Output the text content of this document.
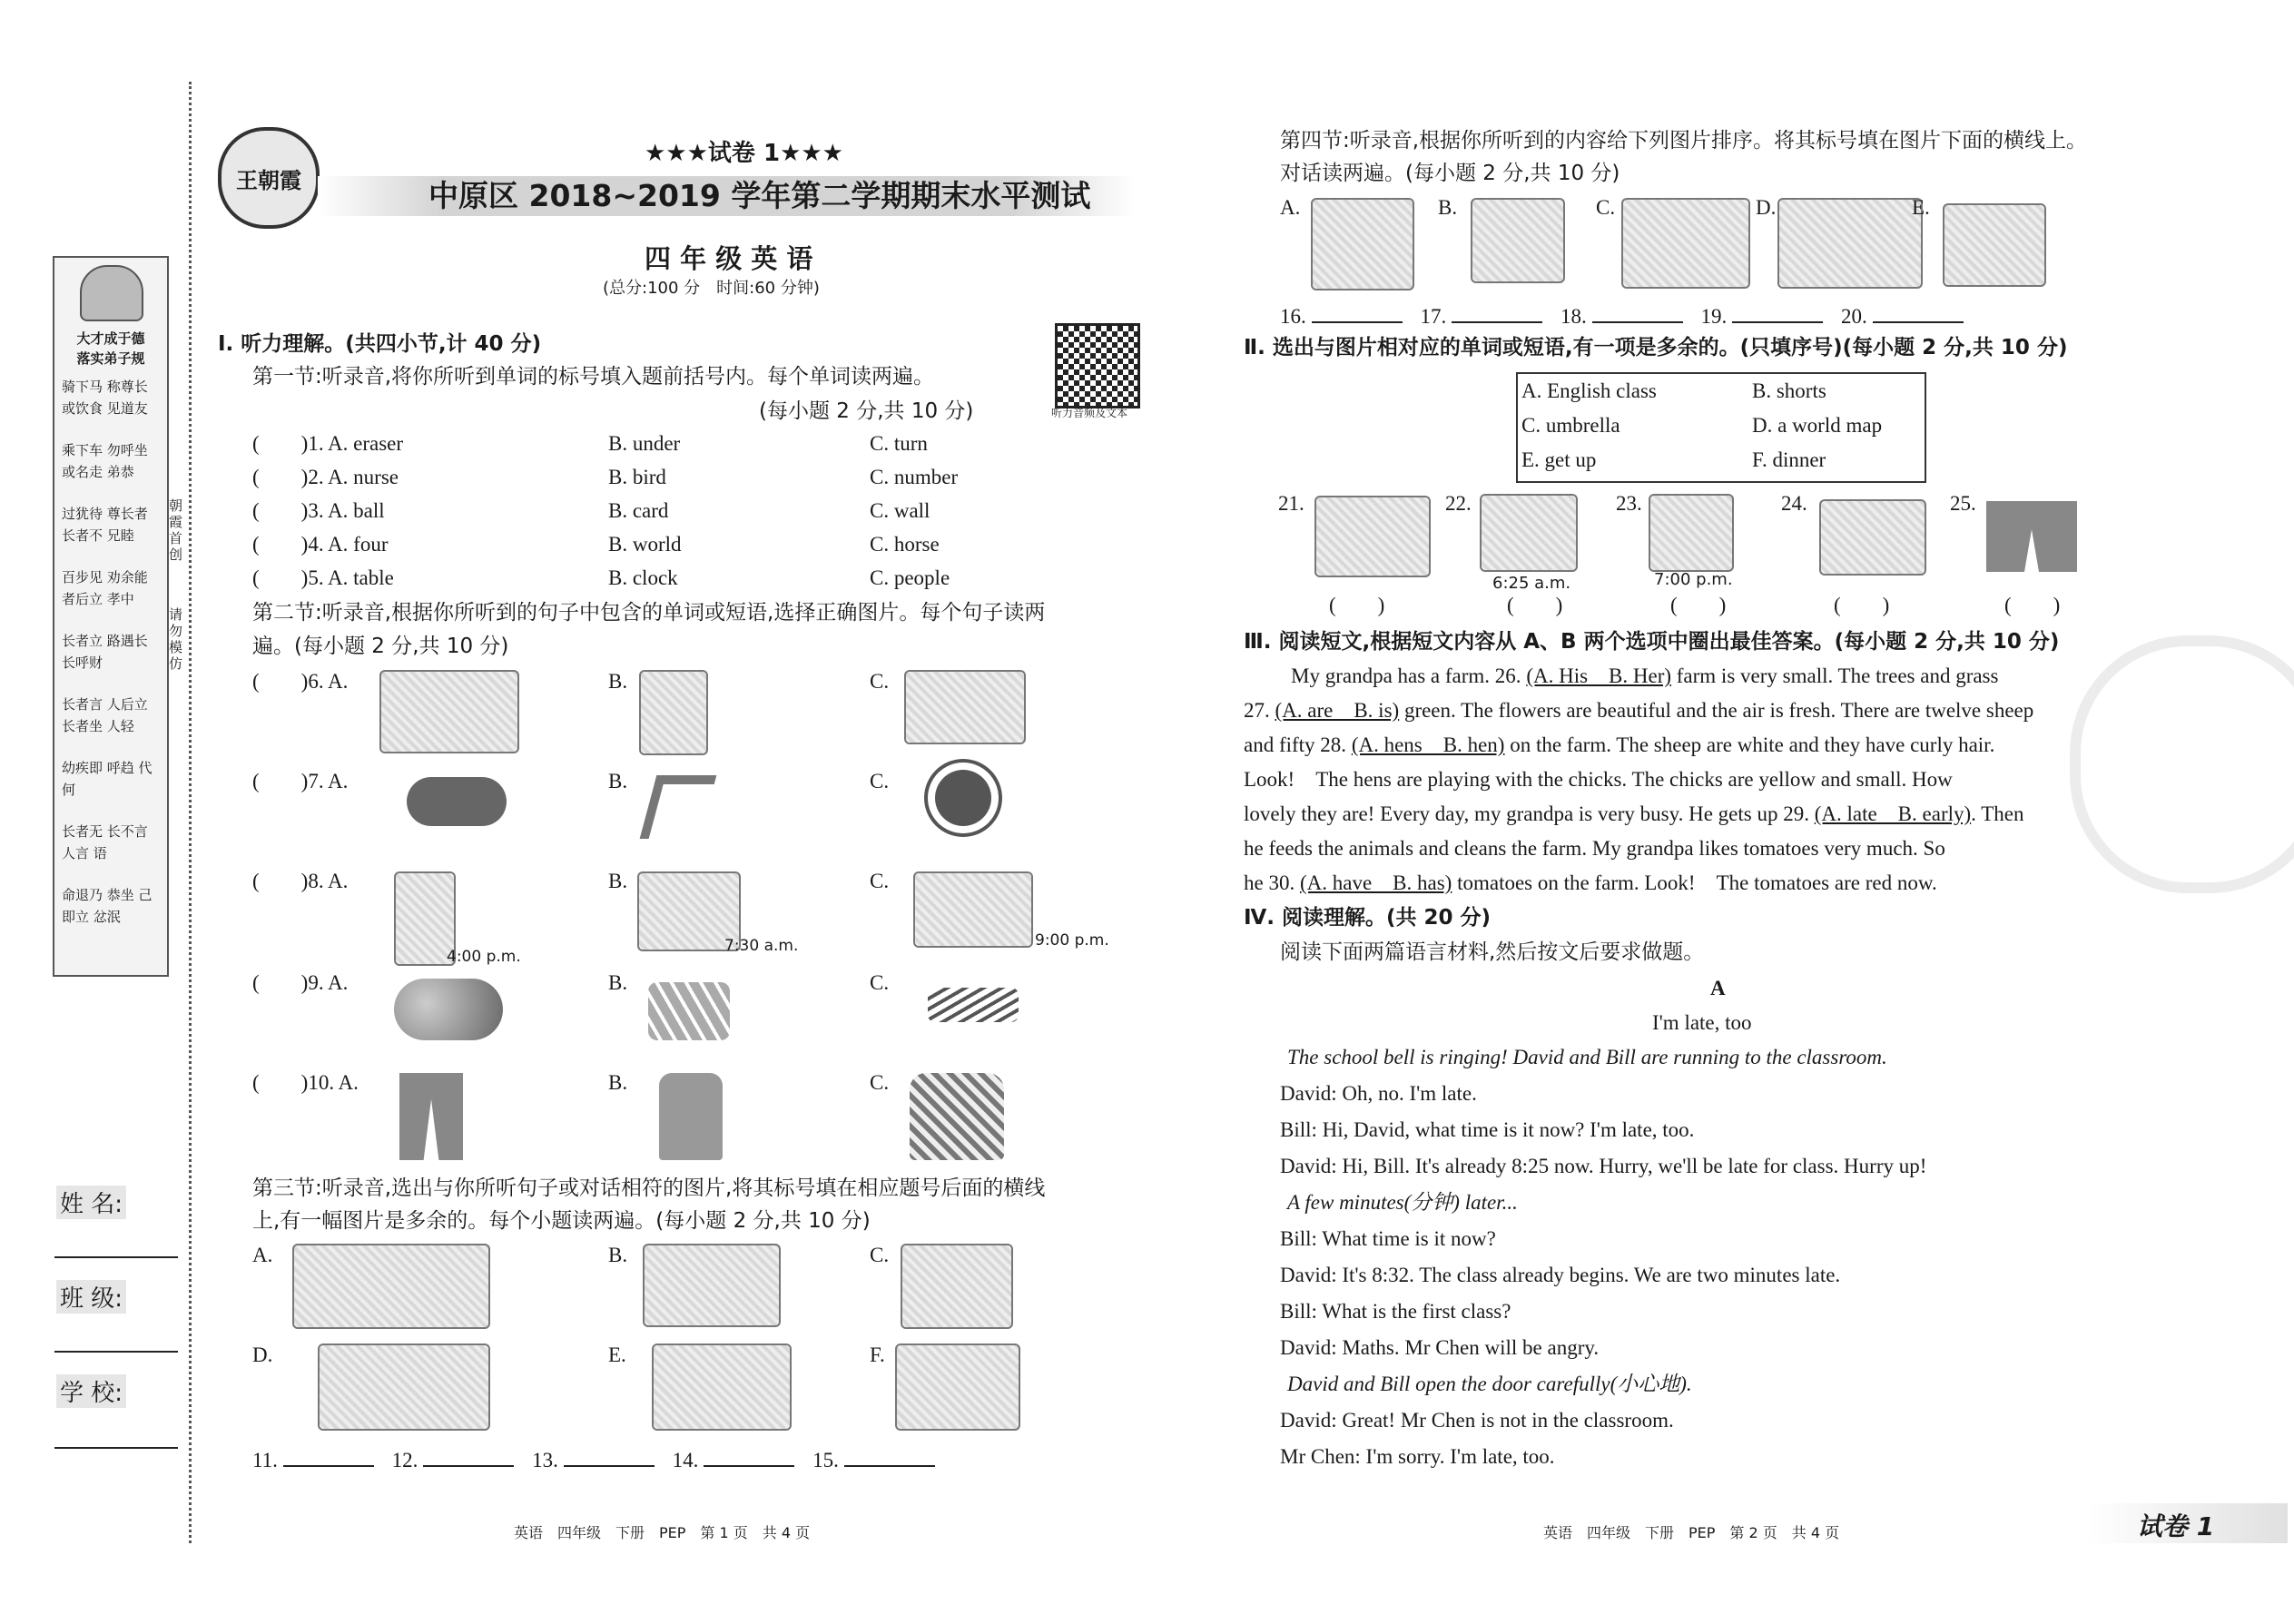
大才成于德
落实弟子规
骑下马 称尊长 或饮食 见道友
乘下车 勿呼坐 或名走 弟恭
过犹待 尊长者 长者不 兄睦
百步见 劝余能 者后立 孝中
长者立 路遇长 长呼财
长者言 人后立 长者坐 人轻
幼疾即 呼趋 代何
长者无 长不言 人言 语
命退乃 恭坐 己即立 忿泯
朝霞首创
请勿模仿
姓 名:
班 级:
学 校:
王朝霞
★★★试卷 1★★★
中原区 2018~2019 学年第二学期期末水平测试
四 年 级 英 语
(总分:100 分　时间:60 分钟)
听力音频及文本
Ⅰ. 听力理解。(共四小节,计 40 分)
第一节:听录音,将你所听到单词的标号填入题前括号内。每个单词读两遍。
(每小题 2 分,共 10 分)
(　　)1. A. eraser	B. under	C. turn
(　　)2. A. nurse	B. bird	C. number
(　　)3. A. ball	B. card	C. wall
(　　)4. A. four	B. world	C. horse
(　　)5. A. table	B. clock	C. people
第二节:听录音,根据你所听到的句子中包含的单词或短语,选择正确图片。每个句子读两
遍。(每小题 2 分,共 10 分)
(　　)6. A.	B.	C.
(　　)7. A.	B.	C.
(　　)8. A.
4:00 p.m.
B.
7:30 a.m.
C.
9:00 p.m.
(　　)9. A.	B.	C.
(　　)10. A.	B.	C.
第三节:听录音,选出与你所听句子或对话相符的图片,将其标号填在相应题号后面的横线
上,有一幅图片是多余的。每个小题读两遍。(每小题 2 分,共 10 分)
A.	B.	C.
D.	E.	F.
11.	12.	13.	14.	15.
英语　四年级　下册　PEP　第 1 页　共 4 页
第四节:听录音,根据你所听到的内容给下列图片排序。将其标号填在图片下面的横线上。
对话读两遍。(每小题 2 分,共 10 分)
A.	B.	C.	D.	E.
16.	17.	18.	19.	20.
Ⅱ. 选出与图片相对应的单词或短语,有一项是多余的。(只填序号)(每小题 2 分,共 10 分)
A. English class	B. shorts
C. umbrella	D. a world map
E. get up	F. dinner
21.
(　　)
22.
6:25 a.m.
(　　)
23.
7:00 p.m.
(　　)
24.
(　　)
25.
(　　)
Ⅲ. 阅读短文,根据短文内容从 A、B 两个选项中圈出最佳答案。(每小题 2 分,共 10 分)
My grandpa has a farm. 26. (A. His　B. Her) farm is very small. The trees and grass
27. (A. are　B. is) green. The flowers are beautiful and the air is fresh. There are twelve sheep
and fifty 28. (A. hens　B. hen) on the farm. The sheep are white and they have curly hair.
Look!　The hens are playing with the chicks. The chicks are yellow and small. How
lovely they are! Every day, my grandpa is very busy. He gets up 29. (A. late　B. early). Then
he feeds the animals and cleans the farm. My grandpa likes tomatoes very much. So
he 30. (A. have　B. has) tomatoes on the farm. Look!　The tomatoes are red now.
Ⅳ. 阅读理解。(共 20 分)
阅读下面两篇语言材料,然后按文后要求做题。
A
I'm late, too
The school bell is ringing! David and Bill are running to the classroom.
David: Oh, no. I'm late.
Bill: Hi, David, what time is it now? I'm late, too.
David: Hi, Bill. It's already 8:25 now. Hurry, we'll be late for class. Hurry up!
A few minutes(分钟) later...
Bill: What time is it now?
David: It's 8:32. The class already begins. We are two minutes late.
Bill: What is the first class?
David: Maths. Mr Chen will be angry.
David and Bill open the door carefully(小心地).
David: Great! Mr Chen is not in the classroom.
Mr Chen: I'm sorry. I'm late, too.
英语　四年级　下册　PEP　第 2 页　共 4 页	试卷 1
